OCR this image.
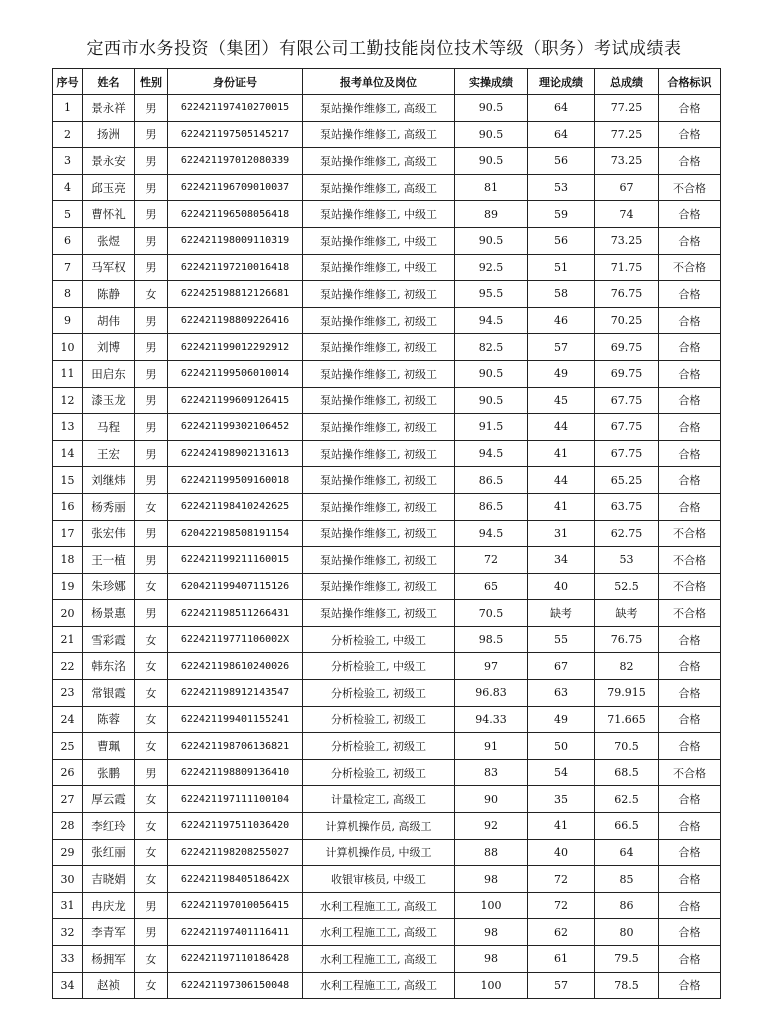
定西市水务投资（集团）有限公司工勤技能岗位技术等级（职务）考试成绩表
序号	姓名	性别	身份证号	报考单位及岗位	实操成绩	理论成绩	总成绩	合格标识
1	景永祥	男	622421197410270015	泵站操作维修工, 高级工	90.5	64	77.25	合格
2	扬洲	男	622421197505145217	泵站操作维修工, 高级工	90.5	64	77.25	合格
3	景永安	男	622421197012080339	泵站操作维修工, 高级工	90.5	56	73.25	合格
4	邱玉亮	男	622421196709010037	泵站操作维修工, 高级工	81	53	67	不合格
5	曹怀礼	男	622421196508056418	泵站操作维修工, 中级工	89	59	74	合格
6	张煜	男	622421198009110319	泵站操作维修工, 中级工	90.5	56	73.25	合格
7	马军权	男	622421197210016418	泵站操作维修工, 中级工	92.5	51	71.75	不合格
8	陈静	女	622425198812126681	泵站操作维修工, 初级工	95.5	58	76.75	合格
9	胡伟	男	622421198809226416	泵站操作维修工, 初级工	94.5	46	70.25	合格
10	刘博	男	622421199012292912	泵站操作维修工, 初级工	82.5	57	69.75	合格
11	田启东	男	622421199506010014	泵站操作维修工, 初级工	90.5	49	69.75	合格
12	漆玉龙	男	622421199609126415	泵站操作维修工, 初级工	90.5	45	67.75	合格
13	马程	男	622421199302106452	泵站操作维修工, 初级工	91.5	44	67.75	合格
14	王宏	男	622424198902131613	泵站操作维修工, 初级工	94.5	41	67.75	合格
15	刘继炜	男	622421199509160018	泵站操作维修工, 初级工	86.5	44	65.25	合格
16	杨秀丽	女	622421198410242625	泵站操作维修工, 初级工	86.5	41	63.75	合格
17	张宏伟	男	620422198508191154	泵站操作维修工, 初级工	94.5	31	62.75	不合格
18	王一植	男	622421199211160015	泵站操作维修工, 初级工	72	34	53	不合格
19	朱珍娜	女	620421199407115126	泵站操作维修工, 初级工	65	40	52.5	不合格
20	杨景惠	男	622421198511266431	泵站操作维修工, 初级工	70.5	缺考	缺考	不合格
21	雪彩霞	女	62242119771106002X	分析检验工, 中级工	98.5	55	76.75	合格
22	韩东洺	女	622421198610240026	分析检验工, 中级工	97	67	82	合格
23	常银霞	女	622421198912143547	分析检验工, 初级工	96.83	63	79.915	合格
24	陈蓉	女	622421199401155241	分析检验工, 初级工	94.33	49	71.665	合格
25	曹珮	女	622421198706136821	分析检验工, 初级工	91	50	70.5	合格
26	张鹏	男	622421198809136410	分析检验工, 初级工	83	54	68.5	不合格
27	厚云霞	女	622421197111100104	计量检定工, 高级工	90	35	62.5	合格
28	李红玲	女	622421197511036420	计算机操作员, 高级工	92	41	66.5	合格
29	张红丽	女	622421198208255027	计算机操作员, 中级工	88	40	64	合格
30	吉晓娟	女	62242119840518642X	收银审核员, 中级工	98	72	85	合格
31	冉庆龙	男	622421197010056415	水利工程施工工, 高级工	100	72	86	合格
32	李青军	男	622421197401116411	水利工程施工工, 高级工	98	62	80	合格
33	杨拥军	女	622421197110186428	水利工程施工工, 高级工	98	61	79.5	合格
34	赵祯	女	622421197306150048	水利工程施工工, 高级工	100	57	78.5	合格
